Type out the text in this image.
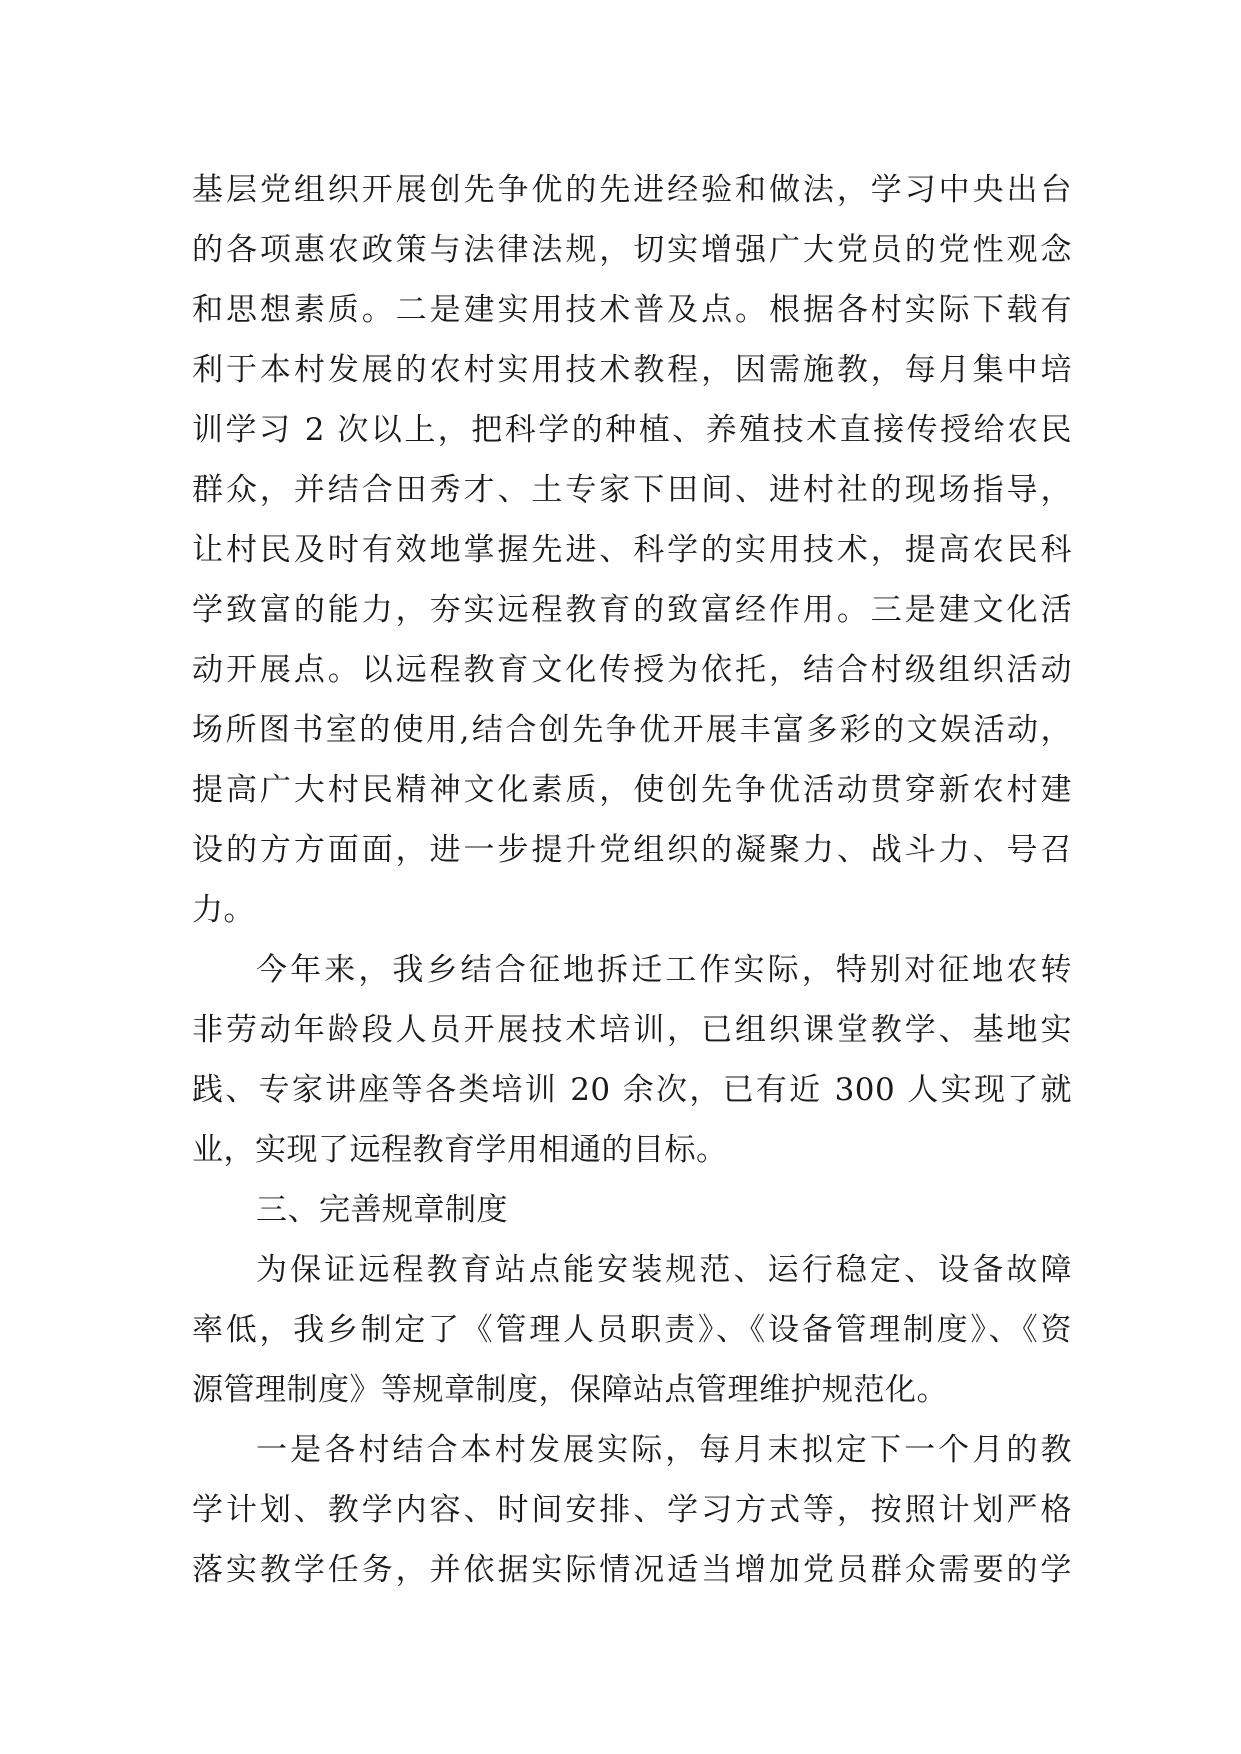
基层党组织开展创先争优的先进经验和做法，学习中央出台
的各项惠农政策与法律法规，切实增强广大党员的党性观念
和思想素质。二是建实用技术普及点。根据各村实际下载有
利于本村发展的农村实用技术教程，因需施教，每月集中培
训学习 2 次以上，把科学的种植、养殖技术直接传授给农民
群众，并结合田秀才、土专家下田间、进村社的现场指导，
让村民及时有效地掌握先进、科学的实用技术，提高农民科
学致富的能力，夯实远程教育的致富经作用。三是建文化活
动开展点。以远程教育文化传授为依托，结合村级组织活动
场所图书室的使用,结合创先争优开展丰富多彩的文娱活动，
提高广大村民精神文化素质，使创先争优活动贯穿新农村建
设的方方面面，进一步提升党组织的凝聚力、战斗力、号召
力。
今年来，我乡结合征地拆迁工作实际，特别对征地农转
非劳动年龄段人员开展技术培训，已组织课堂教学、基地实
践、专家讲座等各类培训 20 余次，已有近 300 人实现了就
业，实现了远程教育学用相通的目标。
三、完善规章制度
为保证远程教育站点能安装规范、运行稳定、设备故障
率低，我乡制定了《管理人员职责》、《设备管理制度》、《资
源管理制度》等规章制度，保障站点管理维护规范化。
一是各村结合本村发展实际，每月末拟定下一个月的教
学计划、教学内容、时间安排、学习方式等，按照计划严格
落实教学任务，并依据实际情况适当增加党员群众需要的学
